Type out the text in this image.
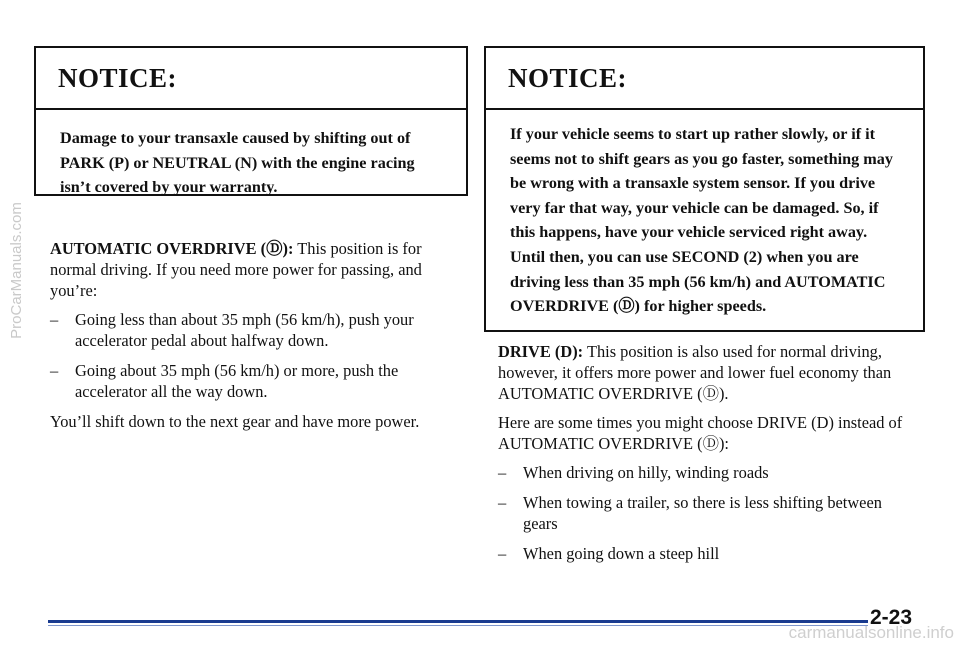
NOTICE:
Damage to your transaxle caused by shifting out of PARK (P) or NEUTRAL (N) with the engine racing isn’t covered by your warranty.

AUTOMATIC OVERDRIVE (Ⓓ): This position is for normal driving. If you need more power for passing, and you’re:

–	Going less than about 35 mph (56 km/h), push your accelerator pedal about halfway down.
–	Going about 35 mph (56 km/h) or more, push the accelerator all the way down.

You’ll shift down to the next gear and have more power.

NOTICE:
If your vehicle seems to start up rather slowly, or if it seems not to shift gears as you go faster, something may be wrong with a transaxle system sensor. If you drive very far that way, your vehicle can be damaged. So, if this happens, have your vehicle serviced right away. Until then, you can use SECOND (2) when you are driving less than 35 mph (56 km/h) and AUTOMATIC OVERDRIVE (Ⓓ) for higher speeds.

DRIVE (D): This position is also used for normal driving, however, it offers more power and lower fuel economy than AUTOMATIC OVERDRIVE (Ⓓ).

Here are some times you might choose DRIVE (D) instead of AUTOMATIC OVERDRIVE (Ⓓ):

–	When driving on hilly, winding roads
–	When towing a trailer, so there is less shifting between gears
–	When going down a steep hill
ProCarManuals.com
2-23
carmanualsonline.info
